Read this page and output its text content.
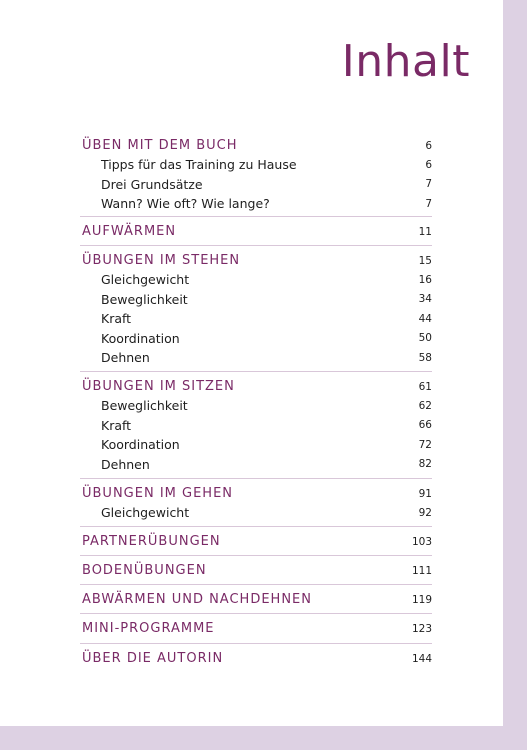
Inhalt
ÜBEN MIT DEM BUCH	6
Tipps für das Training zu Hause	6
Drei Grundsätze	7
Wann? Wie oft? Wie lange?	7
AUFWÄRMEN	11
ÜBUNGEN IM STEHEN	15
Gleichgewicht	16
Beweglichkeit	34
Kraft	44
Koordination	50
Dehnen	58
ÜBUNGEN IM SITZEN	61
Beweglichkeit	62
Kraft	66
Koordination	72
Dehnen	82
ÜBUNGEN IM GEHEN	91
Gleichgewicht	92
PARTNERÜBUNGEN	103
BODENÜBUNGEN	111
ABWÄRMEN UND NACHDEHNEN	119
MINI-PROGRAMME	123
ÜBER DIE AUTORIN	144
